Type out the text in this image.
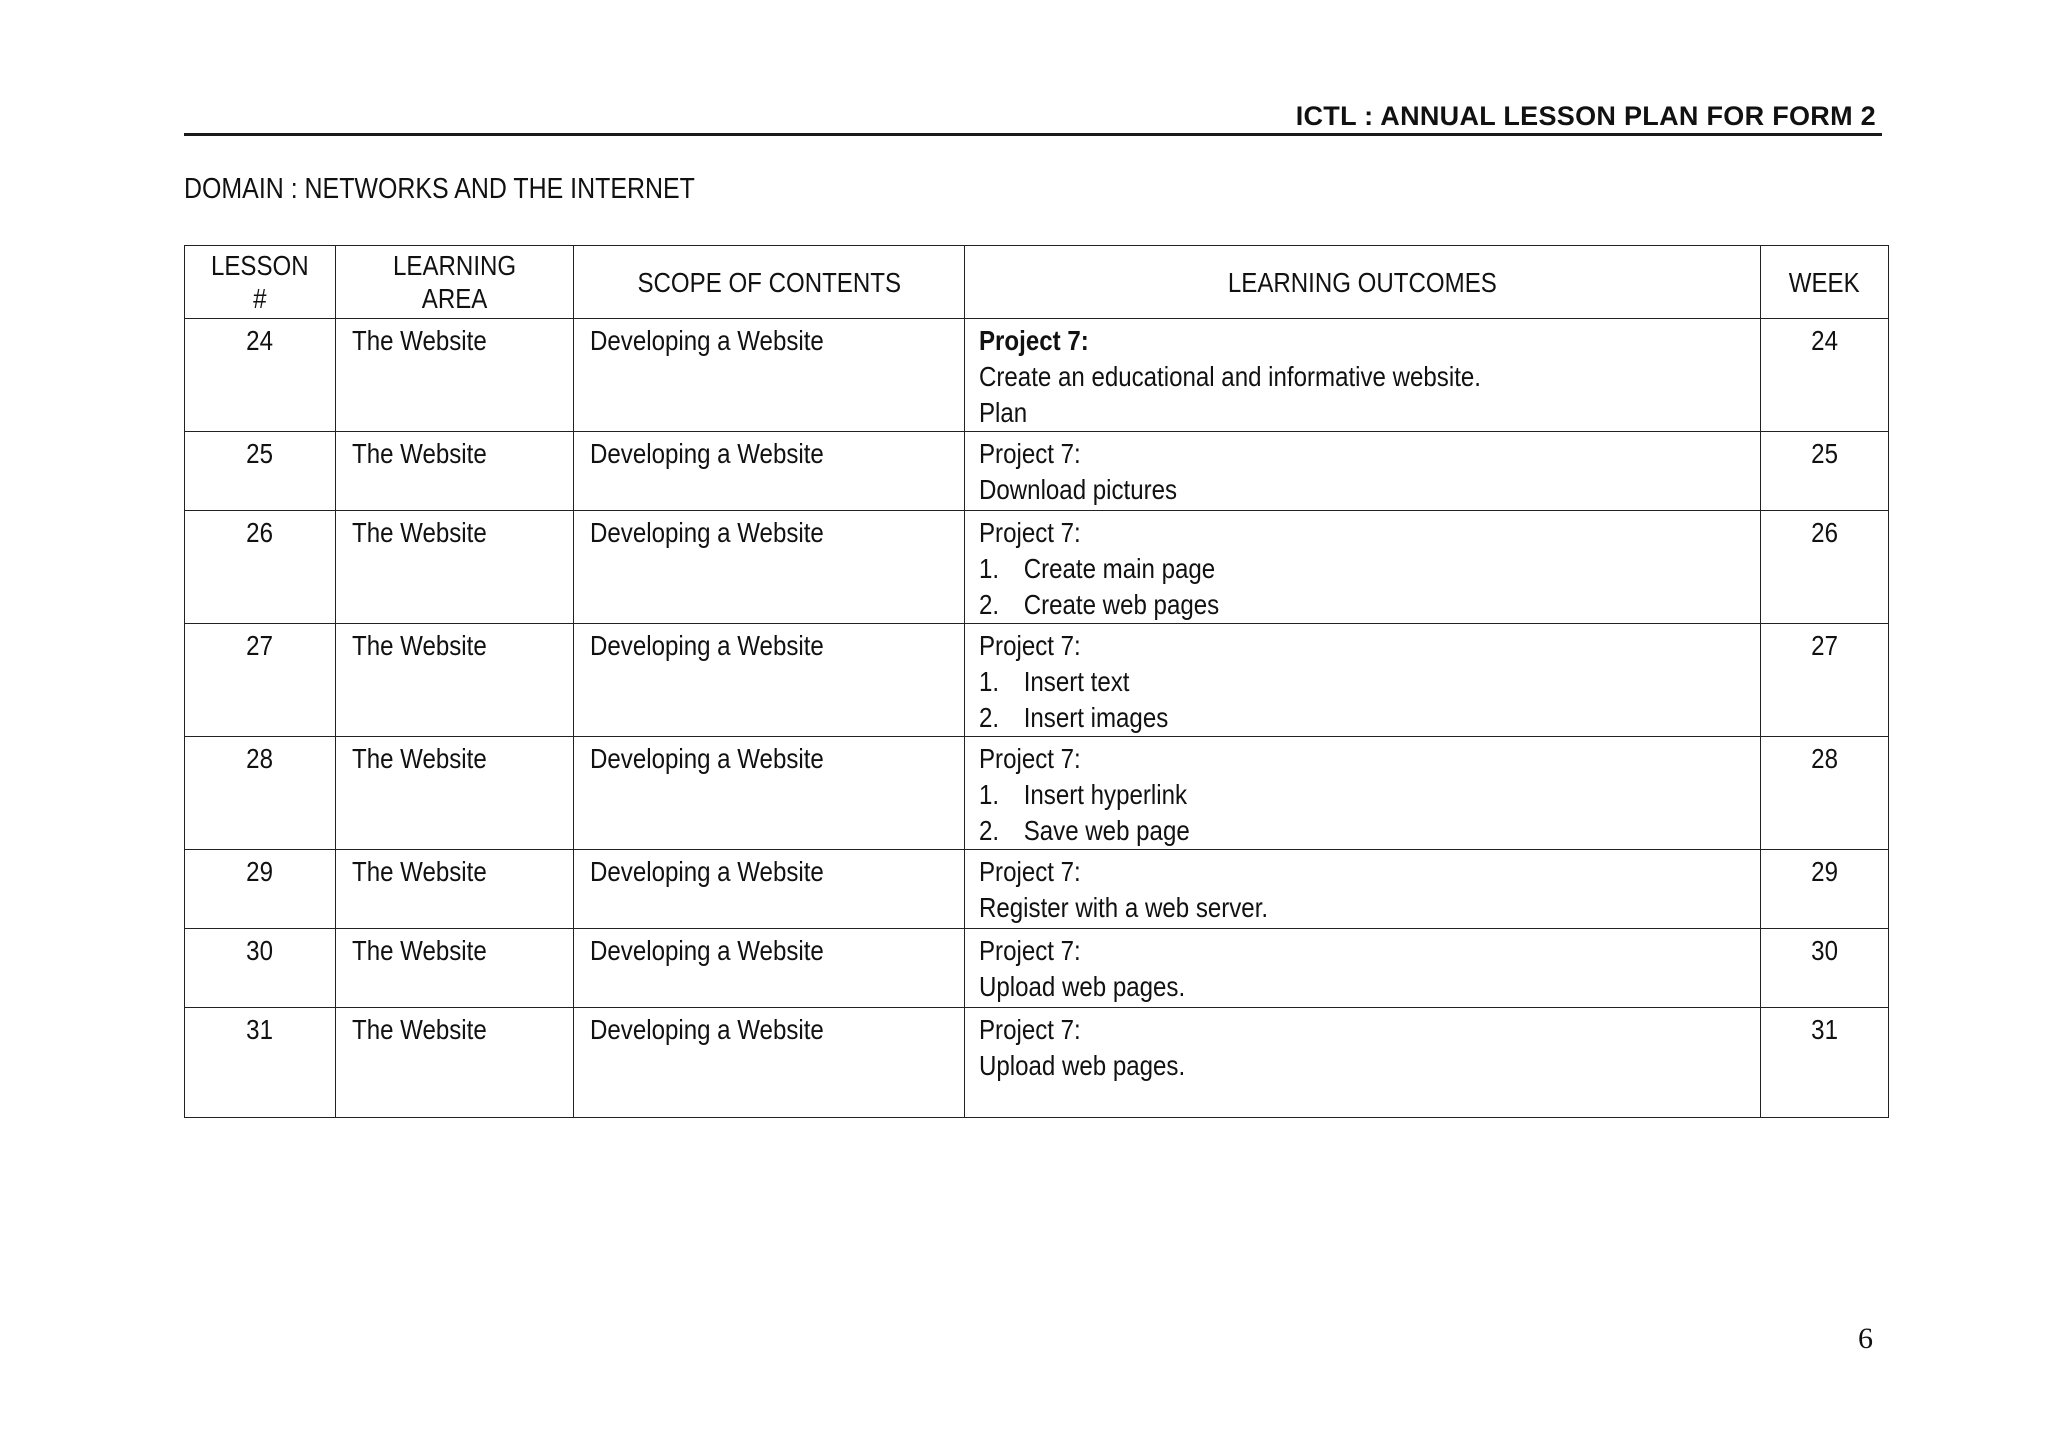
ICTL : ANNUAL LESSON PLAN FOR FORM 2
DOMAIN : NETWORKS AND THE INTERNET
LESSON
#	LEARNING
AREA	SCOPE OF CONTENTS	LEARNING OUTCOMES	WEEK

24	The Website	Developing a Website	Project 7:
Create an educational and informative website.
Plan	24

25	The Website	Developing a Website	Project 7:
Download pictures	25

26	The Website	Developing a Website	Project 7:
1. Create main page
2. Create web pages	26

27	The Website	Developing a Website	Project 7:
1. Insert text
2. Insert images	27

28	The Website	Developing a Website	Project 7:
1. Insert hyperlink
2. Save web page	28

29	The Website	Developing a Website	Project 7:
Register with a web server.	29

30	The Website	Developing a Website	Project 7:
Upload web pages.	30

31	The Website	Developing a Website	Project 7:
Upload web pages.	31
6
